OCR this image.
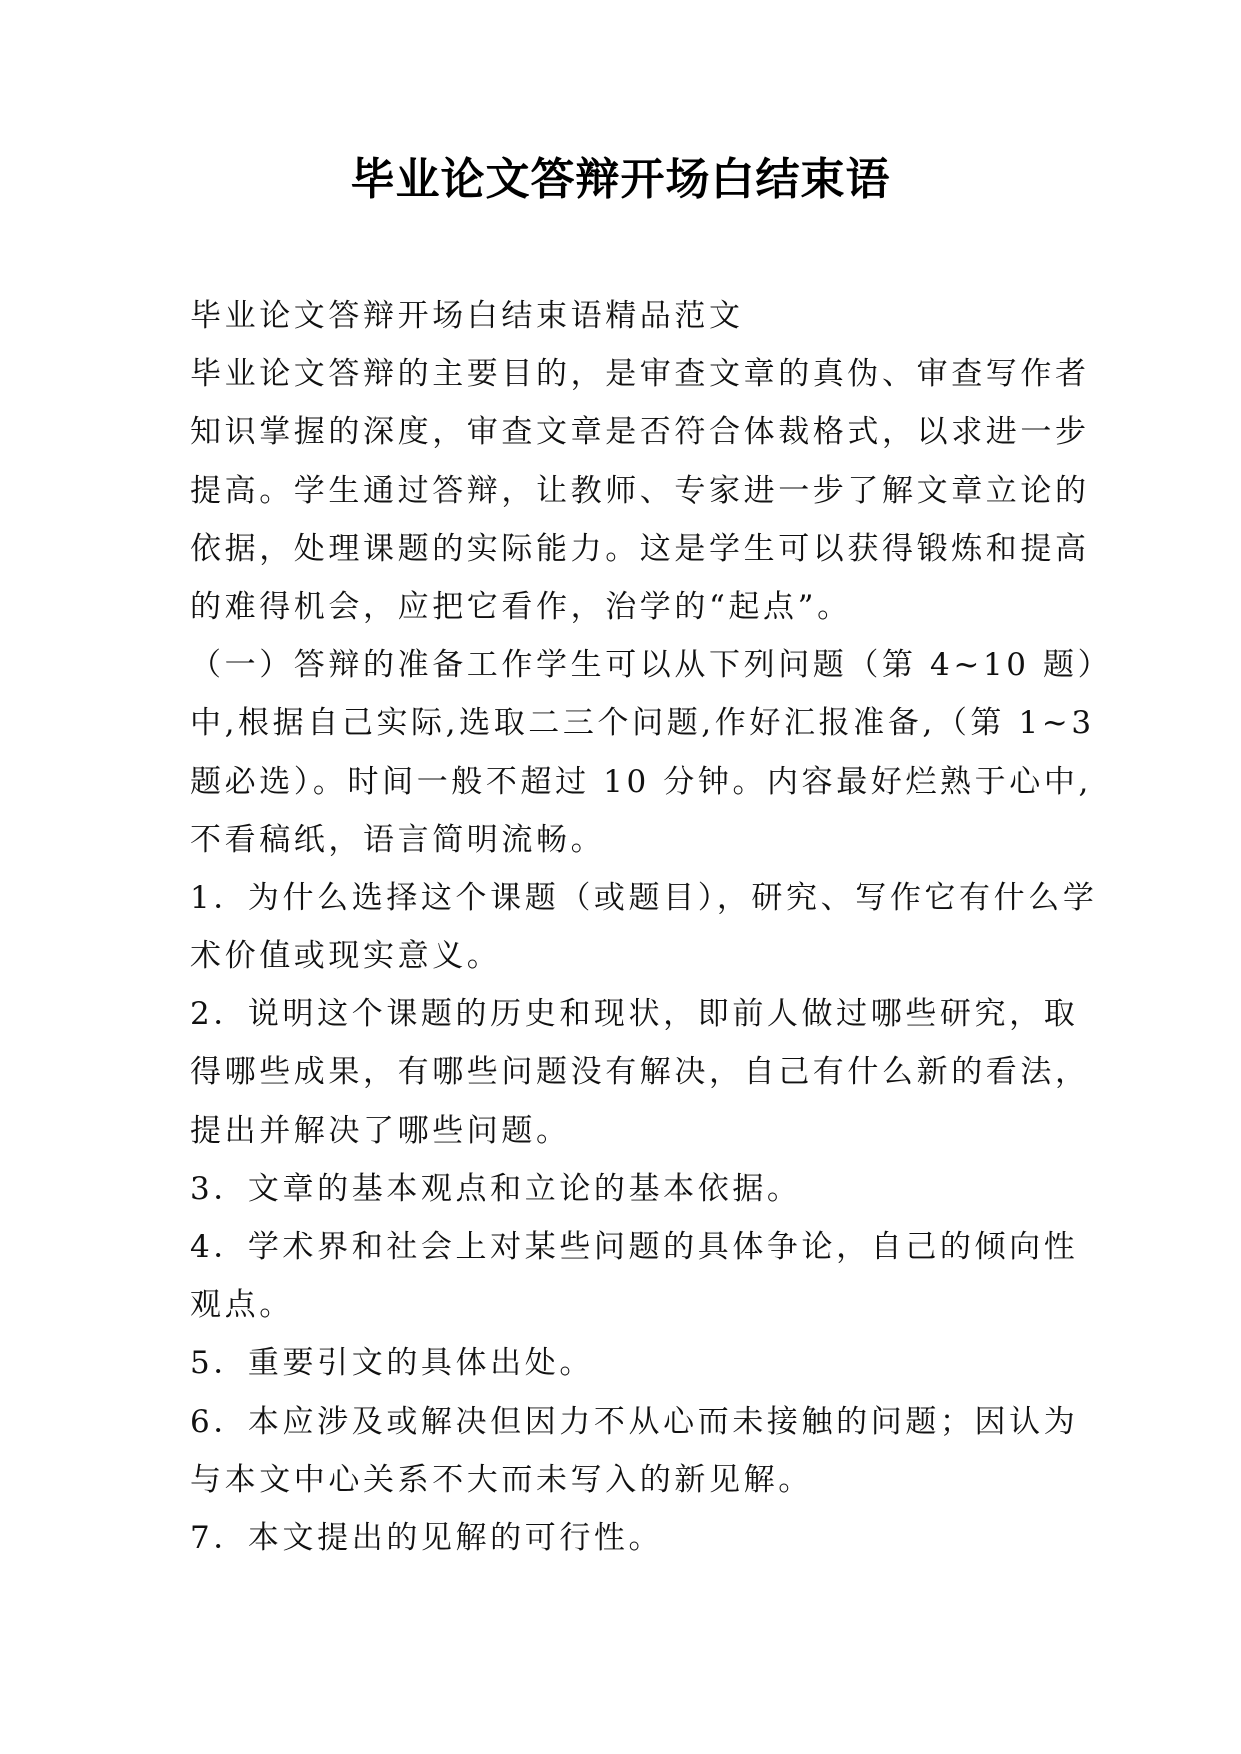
毕业论文答辩开场白结束语
毕业论文答辩开场白结束语精品范文
毕业论文答辩的主要目的，是审查文章的真伪、审查写作者
知识掌握的深度，审查文章是否符合体裁格式，以求进一步
提高。学生通过答辩，让教师、专家进一步了解文章立论的
依据，处理课题的实际能力。这是学生可以获得锻炼和提高
的难得机会，应把它看作，治学的“起点”。
（一）答辩的准备工作学生可以从下列问题（第 4~10 题）
中,根据自己实际,选取二三个问题,作好汇报准备,（第 1~3
题必选）。时间一般不超过 10 分钟。内容最好烂熟于心中,
不看稿纸，语言简明流畅。
1．为什么选择这个课题（或题目），研究、写作它有什么学
术价值或现实意义。
2．说明这个课题的历史和现状，即前人做过哪些研究，取
得哪些成果，有哪些问题没有解决，自己有什么新的看法，
提出并解决了哪些问题。
3．文章的基本观点和立论的基本依据。
4．学术界和社会上对某些问题的具体争论，自己的倾向性
观点。
5．重要引文的具体出处。
6．本应涉及或解决但因力不从心而未接触的问题；因认为
与本文中心关系不大而未写入的新见解。
7．本文提出的见解的可行性。
